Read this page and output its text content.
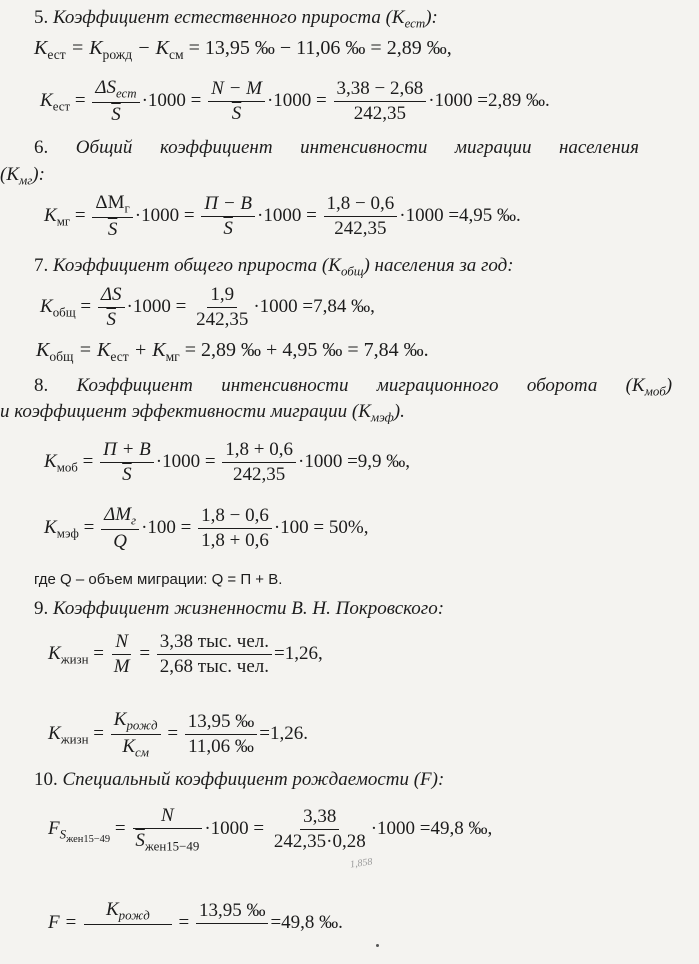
5. Коэффициент естественного прироста $(K_{ест})$:
$K_{ест} = K_{рожд} - K_{см} = 13,95$ ‰ − 11,06 ‰ = 2,89 ‰,
$K_{ест} = \frac{\Delta S_{ест}}{S} \cdot 1000 = \frac{N - M}{S} \cdot 1000 = \frac{3,38 - 2,68}{242,35} \cdot 1000 =2,89$ ‰.
6. Общий коэффициент интенсивности миграции населения
$(K_{мг})$:
$K_{мг} = \frac{\Delta M_г}{S} \cdot 1000 = \frac{П - В}{S} \cdot 1000 = \frac{1,8 - 0,6}{242,35} \cdot 1000 =4,95$ ‰.
7. Коэффициент общего прироста $(K_{общ})$ населения за год:
$K_{общ} = \frac{\Delta S}{S} \cdot 1000 = \frac{1,9}{242,35} \cdot 1000 =7,84$ ‰,
$K_{общ} = K_{ест} + K_{мг} = 2,89$ ‰ + 4,95 ‰ = 7,84 ‰.
8. Коэффициент интенсивности миграционного оборота $(K_{моб})$
и коэффициент эффективности миграции $(K_{мэф})$.
$K_{моб} = \frac{П + В}{S} \cdot 1000 = \frac{1,8 + 0,6}{242,35} \cdot 1000 =9,9$ ‰,
$K_{мэф} = \frac{\Delta M_г}{Q} \cdot 100 = \frac{1,8 - 0,6}{1,8 + 0,6} \cdot 100 = 50\%$,
где Q – объем миграции: Q = П + В.
9. Коэффициент жизненности В. Н. Покровского:
$K_{жизн} = \frac{N}{M} = \frac{\text{3,38 тыс. чел.}}{\text{2,68 тыс. чел.}} =1,26$,
$K_{жизн} = \frac{K_{рожд}}{K_{см}} = \frac{13,95 ‰}{11,06 ‰} =1,26$.
10. Специальный коэффициент рождаемости (F):
$F_{Sжен15-49} = \frac{N}{\overline{S}_{жен15-49}} \cdot 1000 = \frac{3,38}{242,35\cdot 0,28} \cdot 1000 =49,8$ ‰,
1,858
F =
$K_{рожд}$
	=
13,95 ‰

=49,8 ‰.
